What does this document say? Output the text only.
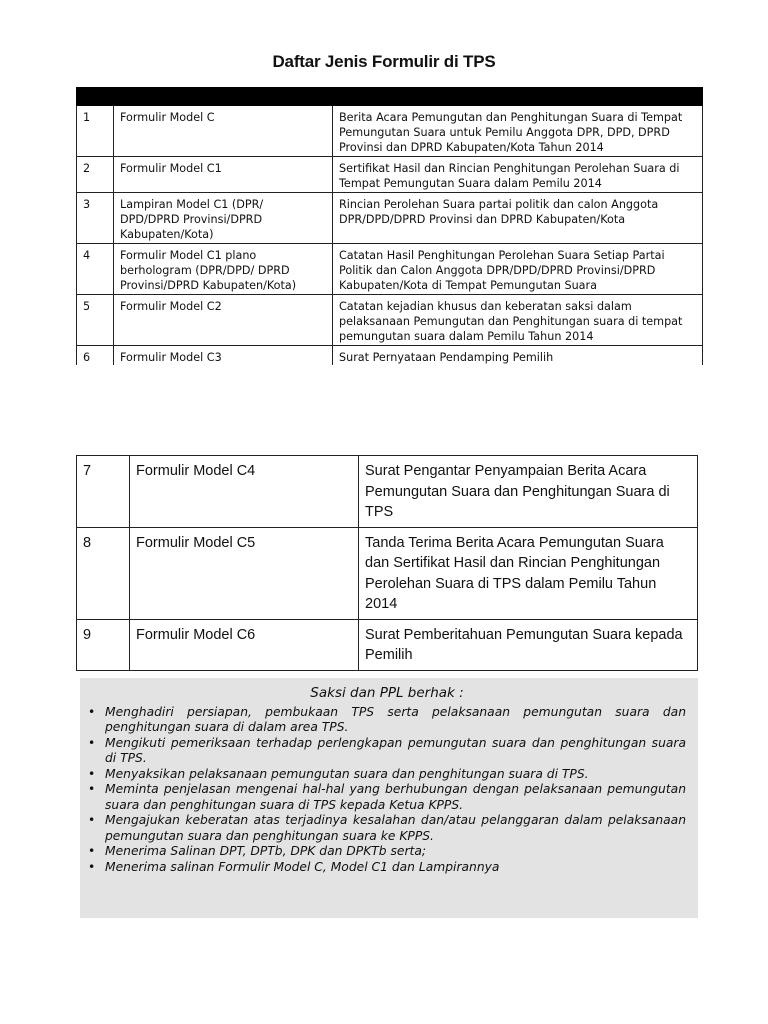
Daftar Jenis Formulir di TPS

1	Formulir Model C	Berita Acara Pemungutan dan Penghitungan Suara di Tempat Pemungutan Suara untuk Pemilu Anggota DPR, DPD, DPRD Provinsi dan DPRD Kabupaten/Kota Tahun 2014
2	Formulir Model C1	Sertifikat Hasil dan Rincian Penghitungan Perolehan Suara di Tempat Pemungutan Suara dalam Pemilu 2014
3	Lampiran Model C1 (DPR/ DPD/DPRD Provinsi/DPRD Kabupaten/Kota)	Rincian Perolehan Suara partai politik dan calon Anggota DPR/DPD/DPRD Provinsi dan DPRD Kabupaten/Kota
4	Formulir Model C1 plano berhologram (DPR/DPD/ DPRD Provinsi/DPRD Kabupaten/Kota)	Catatan Hasil Penghitungan Perolehan Suara Setiap Partai Politik dan Calon Anggota DPR/DPD/DPRD Provinsi/DPRD Kabupaten/Kota di Tempat Pemungutan Suara
5	Formulir Model C2	Catatan kejadian khusus dan keberatan saksi dalam pelaksanaan Pemungutan dan Penghitungan suara di tempat pemungutan suara dalam Pemilu Tahun 2014
6	Formulir Model C3	Surat Pernyataan Pendamping Pemilih
7	Formulir Model C4	Surat Pengantar Penyampaian Berita Acara Pemungutan Suara dan Penghitungan Suara di TPS
8	Formulir Model C5	Tanda Terima Berita Acara Pemungutan Suara dan Sertifikat Hasil dan Rincian Penghitungan Perolehan Suara di TPS dalam Pemilu Tahun 2014
9	Formulir Model C6	Surat Pemberitahuan Pemungutan Suara kepada Pemilih
Saksi dan PPL berhak :
• Menghadiri persiapan, pembukaan TPS serta pelaksanaan pemungutan suara dan penghitungan suara di dalam area TPS.
• Mengikuti pemeriksaan terhadap perlengkapan pemungutan suara dan penghitungan suara di TPS.
• Menyaksikan pelaksanaan pemungutan suara dan penghitungan suara di TPS.
• Meminta penjelasan mengenai hal-hal yang berhubungan dengan pelaksanaan pemungutan suara dan penghitungan suara di TPS kepada Ketua KPPS.
• Mengajukan keberatan atas terjadinya kesalahan dan/atau pelanggaran dalam pelaksanaan pemungutan suara dan penghitungan suara ke KPPS.
• Menerima Salinan DPT, DPTb, DPK dan DPKTb serta;
• Menerima salinan Formulir Model C, Model C1 dan Lampirannya
